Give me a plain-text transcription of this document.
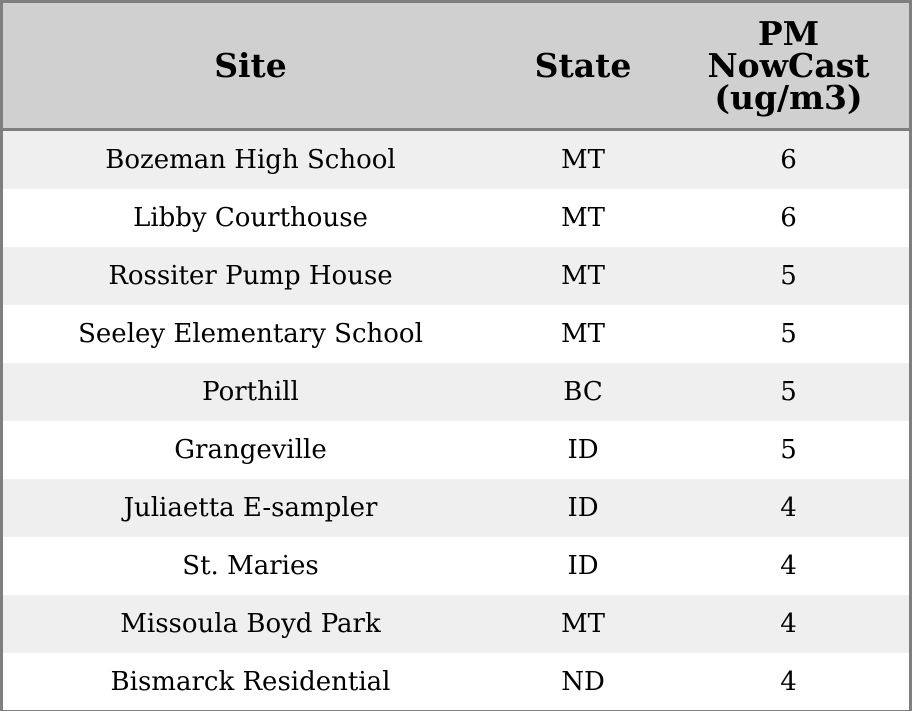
Site	State	PM
NowCast
(ug/m3)
Bozeman High School	MT	6
Libby Courthouse	MT	6
Rossiter Pump House	MT	5
Seeley Elementary School	MT	5
Porthill	BC	5
Grangeville	ID	5
Juliaetta E-sampler	ID	4
St. Maries	ID	4
Missoula Boyd Park	MT	4
Bismarck Residential	ND	4
